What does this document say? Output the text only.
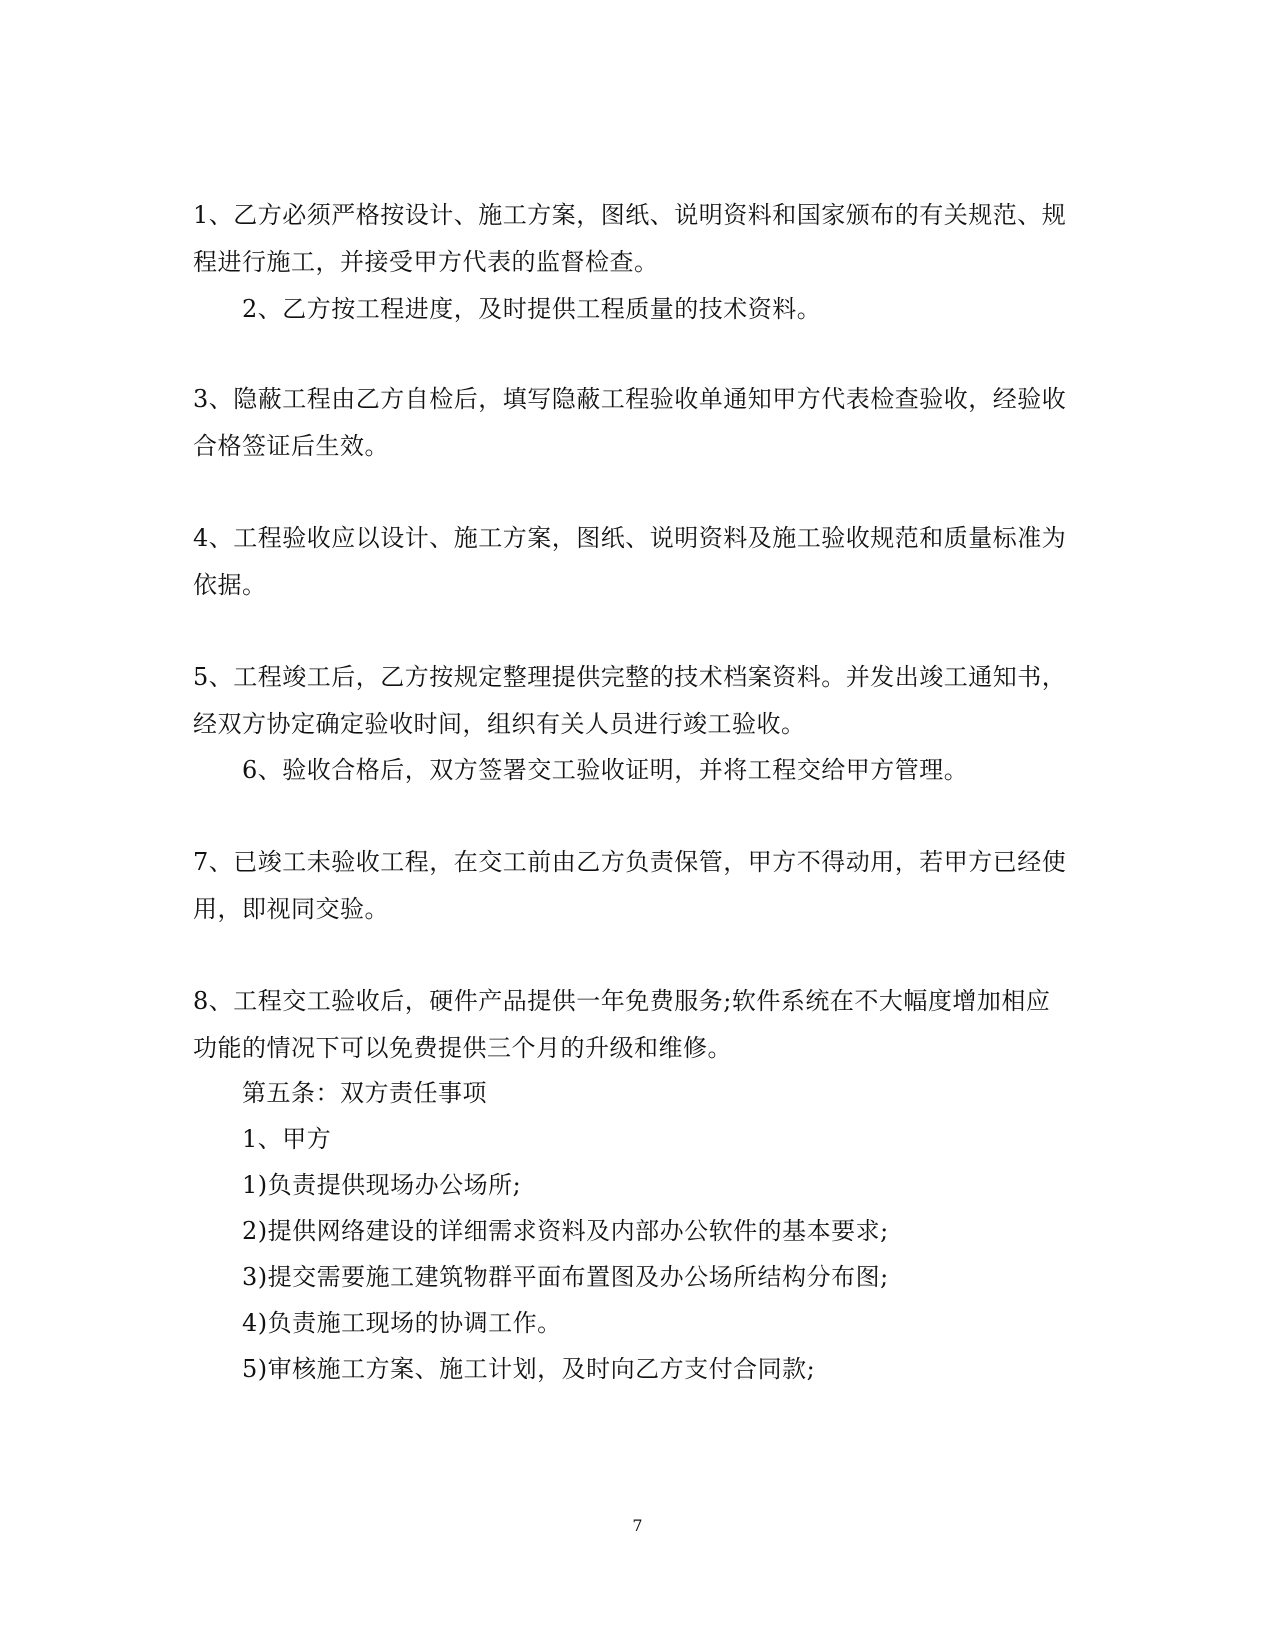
1、乙方必须严格按设计、施工方案，图纸、说明资料和国家颁布的有关规范、规
程进行施工，并接受甲方代表的监督检查。
2、乙方按工程进度，及时提供工程质量的技术资料。
3、隐蔽工程由乙方自检后，填写隐蔽工程验收单通知甲方代表检查验收，经验收
合格签证后生效。
4、工程验收应以设计、施工方案，图纸、说明资料及施工验收规范和质量标准为
依据。
5、工程竣工后，乙方按规定整理提供完整的技术档案资料。并发出竣工通知书，
经双方协定确定验收时间，组织有关人员进行竣工验收。
6、验收合格后，双方签署交工验收证明，并将工程交给甲方管理。
7、已竣工未验收工程，在交工前由乙方负责保管，甲方不得动用，若甲方已经使
用，即视同交验。
8、工程交工验收后，硬件产品提供一年免费服务;软件系统在不大幅度增加相应
功能的情况下可以免费提供三个月的升级和维修。
第五条：双方责任事项
1、甲方
1)负责提供现场办公场所;
2)提供网络建设的详细需求资料及内部办公软件的基本要求;
3)提交需要施工建筑物群平面布置图及办公场所结构分布图;
4)负责施工现场的协调工作。
5)审核施工方案、施工计划，及时向乙方支付合同款;
7
